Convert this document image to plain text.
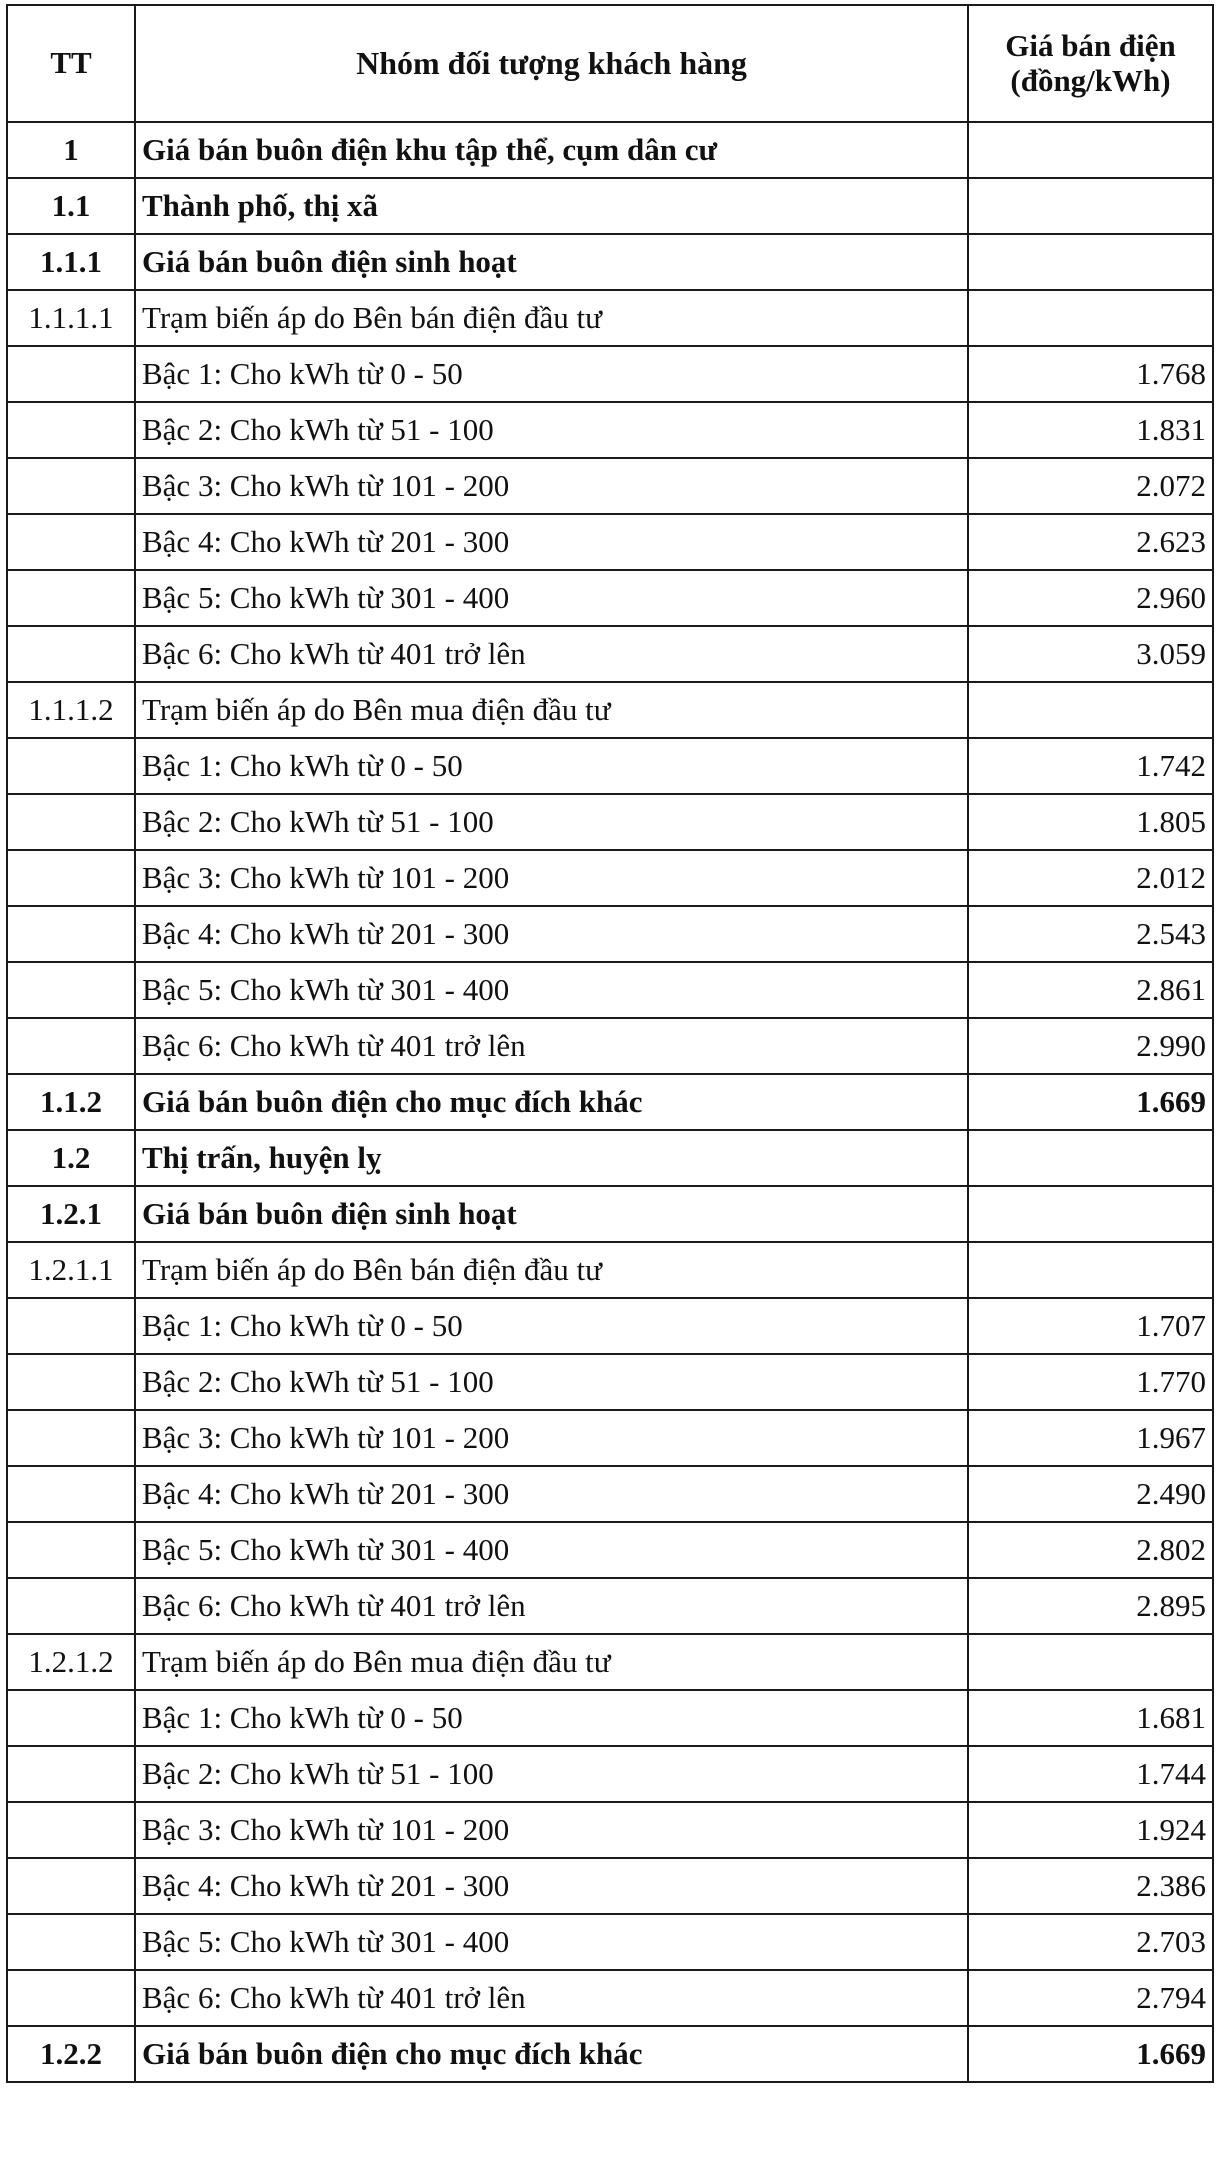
TT	Nhóm đối tượng khách hàng	Giá bán điện
(đồng/kWh)

1	Giá bán buôn điện khu tập thể, cụm dân cư	
1.1	Thành phố, thị xã	
1.1.1	Giá bán buôn điện sinh hoạt	
1.1.1.1	Trạm biến áp do Bên bán điện đầu tư	
	Bậc 1: Cho kWh từ 0 - 50	1.768
	Bậc 2: Cho kWh từ 51 - 100	1.831
	Bậc 3: Cho kWh từ 101 - 200	2.072
	Bậc 4: Cho kWh từ 201 - 300	2.623
	Bậc 5: Cho kWh từ 301 - 400	2.960
	Bậc 6: Cho kWh từ 401 trở lên	3.059
1.1.1.2	Trạm biến áp do Bên mua điện đầu tư	
	Bậc 1: Cho kWh từ 0 - 50	1.742
	Bậc 2: Cho kWh từ 51 - 100	1.805
	Bậc 3: Cho kWh từ 101 - 200	2.012
	Bậc 4: Cho kWh từ 201 - 300	2.543
	Bậc 5: Cho kWh từ 301 - 400	2.861
	Bậc 6: Cho kWh từ 401 trở lên	2.990
1.1.2	Giá bán buôn điện cho mục đích khác	1.669
1.2	Thị trấn, huyện lỵ	
1.2.1	Giá bán buôn điện sinh hoạt	
1.2.1.1	Trạm biến áp do Bên bán điện đầu tư	
	Bậc 1: Cho kWh từ 0 - 50	1.707
	Bậc 2: Cho kWh từ 51 - 100	1.770
	Bậc 3: Cho kWh từ 101 - 200	1.967
	Bậc 4: Cho kWh từ 201 - 300	2.490
	Bậc 5: Cho kWh từ 301 - 400	2.802
	Bậc 6: Cho kWh từ 401 trở lên	2.895
1.2.1.2	Trạm biến áp do Bên mua điện đầu tư	
	Bậc 1: Cho kWh từ 0 - 50	1.681
	Bậc 2: Cho kWh từ 51 - 100	1.744
	Bậc 3: Cho kWh từ 101 - 200	1.924
	Bậc 4: Cho kWh từ 201 - 300	2.386
	Bậc 5: Cho kWh từ 301 - 400	2.703
	Bậc 6: Cho kWh từ 401 trở lên	2.794
1.2.2	Giá bán buôn điện cho mục đích khác	1.669
